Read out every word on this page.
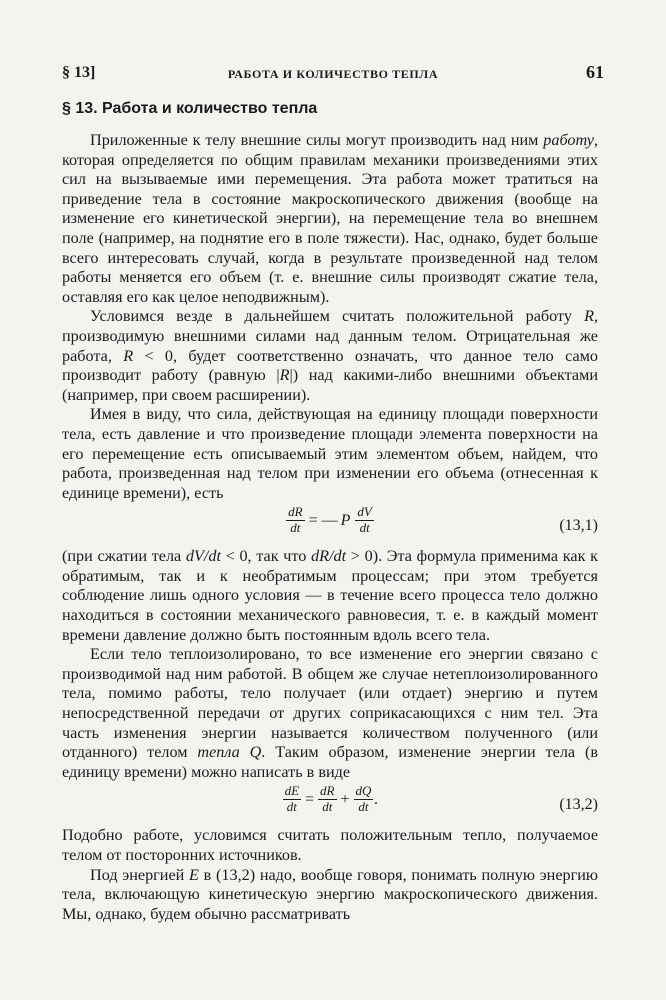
§ 13]	РАБОТА И КОЛИЧЕСТВО ТЕПЛА	61
§ 13. Работа и количество тепла

Приложенные к телу внешние силы могут производить над ним работу, которая определяется по общим правилам механики произведениями этих сил на вызываемые ими перемещения. Эта работа может тратиться на приведение тела в состояние макроскопического движения (вообще на изменение его кинетической энергии), на перемещение тела во внешнем поле (например, на поднятие его в поле тяжести). Нас, однако, будет больше всего интересовать случай, когда в результате произведенной над телом работы меняется его объем (т. е. внешние силы производят сжатие тела, оставляя его как целое неподвижным).

Условимся везде в дальнейшем считать положительной работу R, производимую внешними силами над данным телом. Отрицательная же работа, R < 0, будет соответственно означать, что данное тело само производит работу (равную |R|) над какими-либо внешними объектами (например, при своем расширении).

Имея в виду, что сила, действующая на единицу площади поверхности тела, есть давление и что произведение площади элемента поверхности на его перемещение есть описываемый этим элементом объем, найдем, что работа, произведенная над телом при изменении его объема (отнесенная к единице времени), есть

$\frac{dR}{dt}$ = — P $\frac{dV}{dt}$	(13,1)

(при сжатии тела dV/dt < 0, так что dR/dt > 0). Эта формула применима как к обратимым, так и к необратимым процессам; при этом требуется соблюдение лишь одного условия — в течение всего процесса тело должно находиться в состоянии механического равновесия, т. е. в каждый момент времени давление должно быть постоянным вдоль всего тела.

Если тело теплоизолировано, то все изменение его энергии связано с производимой над ним работой. В общем же случае нетеплоизолированного тела, помимо работы, тело получает (или отдает) энергию и путем непосредственной передачи от других соприкасающихся с ним тел. Эта часть изменения энергии называется количеством полученного (или отданного) телом тепла Q. Таким образом, изменение энергии тела (в единицу времени) можно написать в виде

$\frac{dE}{dt} = \frac{dR}{dt} + \frac{dQ}{dt}$ .	(13,2)

Подобно работе, условимся считать положительным тепло, получаемое телом от посторонних источников.

Под энергией E в (13,2) надо, вообще говоря, понимать полную энергию тела, включающую кинетическую энергию макроскопического движения. Мы, однако, будем обычно рассматривать
